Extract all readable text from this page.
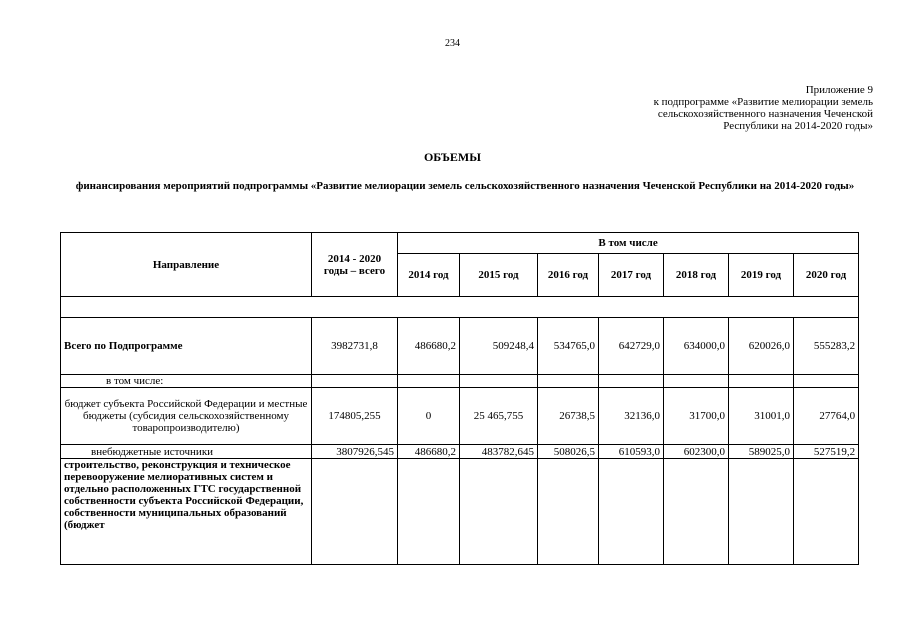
234
Приложение 9
к подпрограмме «Развитие мелиорации земель
сельскохозяйственного назначения Чеченской
Республики на 2014-2020 годы»
ОБЪЕМЫ
финансирования мероприятий подпрограммы «Развитие мелиорации земель сельскохозяйственного назначения Чеченской Республики на 2014-2020 годы»
Направление	2014 - 2020 годы – всего	В том числе						
		2014 год	2015 год	2016 год	2017 год	2018 год	2019 год	2020 год

Всего по Подпрограмме	3982731,8	486680,2	509248,4	534765,0	642729,0	634000,0	620026,0	555283,2
в том числе:								
бюджет субъекта Российской Федерации и местные бюджеты (субсидия сельскохозяйственному товаропроизводителю)	174805,255	0	25 465,755	26738,5	32136,0	31700,0	31001,0	27764,0
внебюджетные источники	3807926,545	486680,2	483782,645	508026,5	610593,0	602300,0	589025,0	527519,2
строительство, реконструкция и техническое перевооружение мелиоративных систем и отдельно расположенных ГТС государственной собственности субъекта Российской Федерации, собственности муниципальных образований (бюджет								
